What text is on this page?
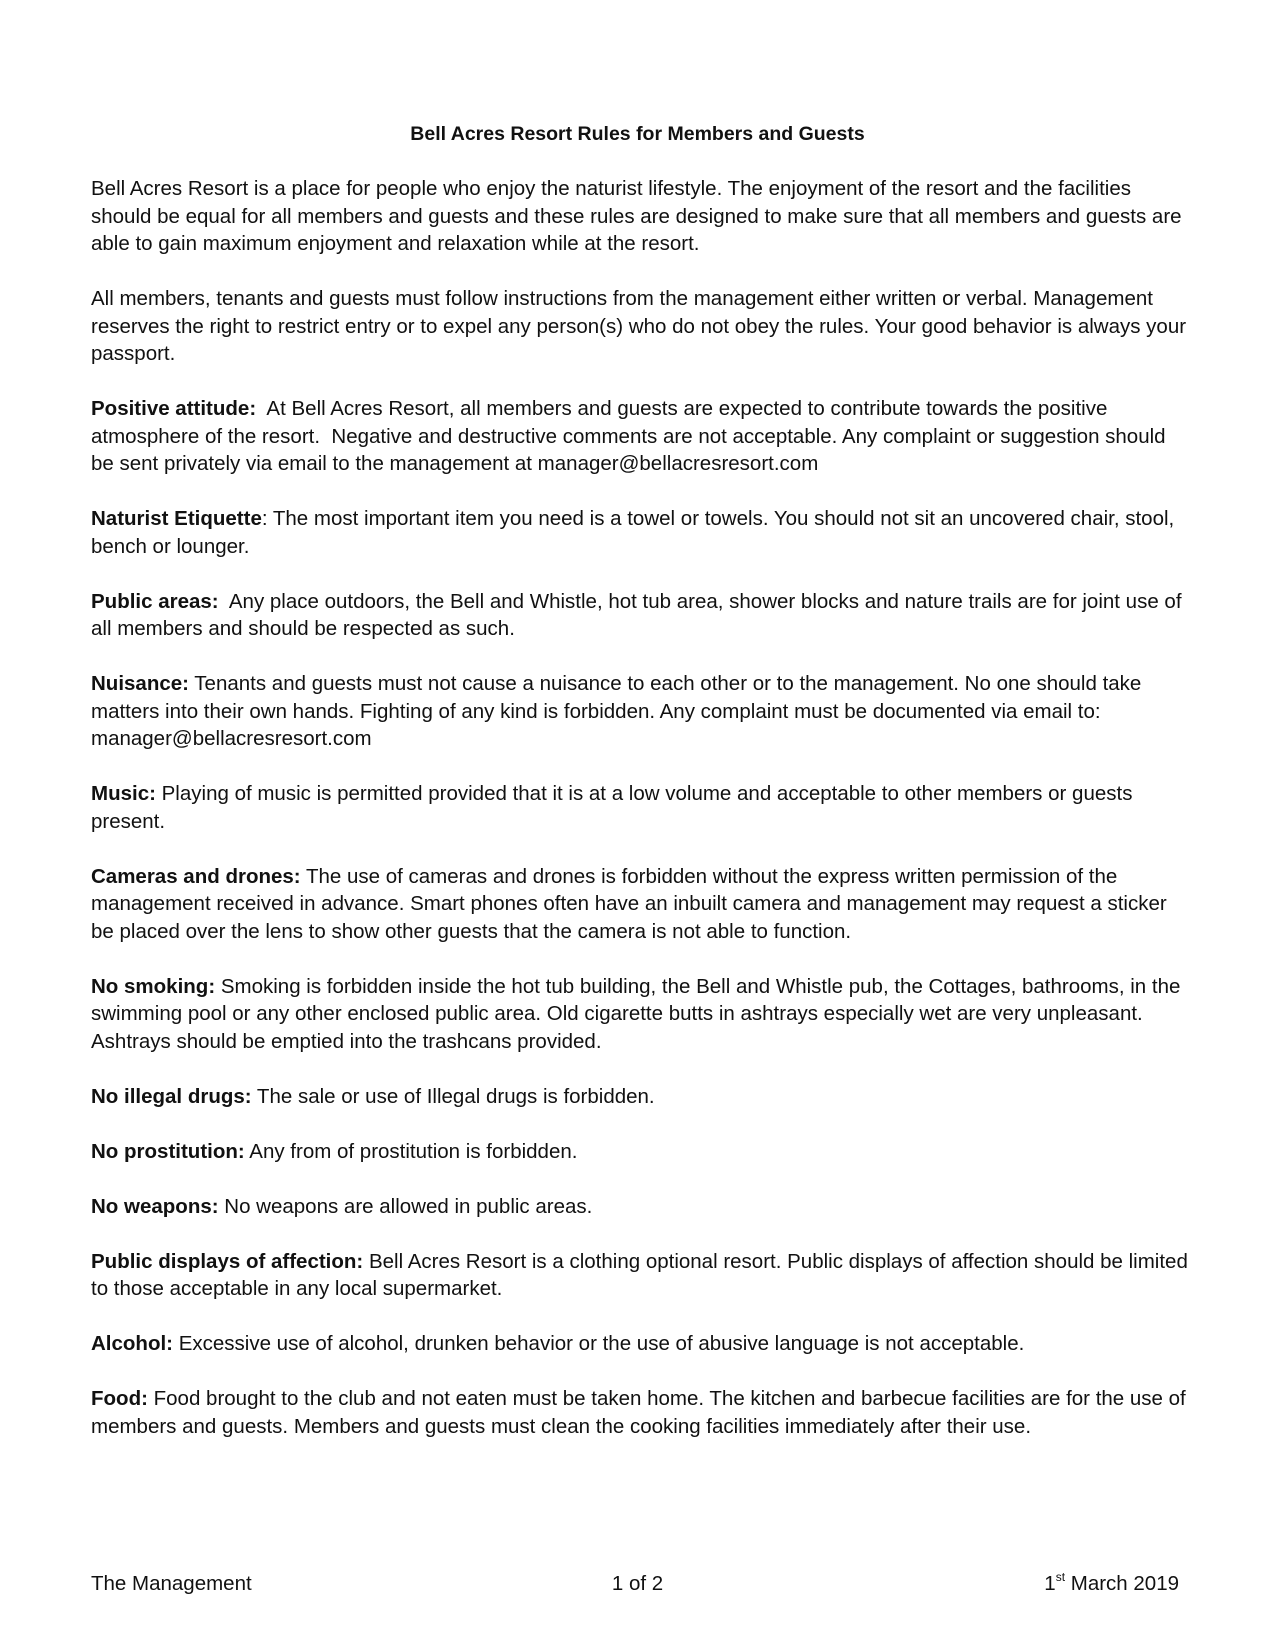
Bell Acres Resort Rules for Members and Guests

Bell Acres Resort is a place for people who enjoy the naturist lifestyle. The enjoyment of the resort and the facilities should be equal for all members and guests and these rules are designed to make sure that all members and guests are able to gain maximum enjoyment and relaxation while at the resort.

All members, tenants and guests must follow instructions from the management either written or verbal. Management reserves the right to restrict entry or to expel any person(s) who do not obey the rules. Your good behavior is always your passport.

Positive attitude:  At Bell Acres Resort, all members and guests are expected to contribute towards the positive atmosphere of the resort.  Negative and destructive comments are not acceptable. Any complaint or suggestion should be sent privately via email to the management at manager@bellacresresort.com

Naturist Etiquette: The most important item you need is a towel or towels. You should not sit an uncovered chair, stool, bench or lounger.

Public areas:  Any place outdoors, the Bell and Whistle, hot tub area, shower blocks and nature trails are for joint use of all members and should be respected as such.

Nuisance: Tenants and guests must not cause a nuisance to each other or to the management. No one should take matters into their own hands. Fighting of any kind is forbidden. Any complaint must be documented via email to: manager@bellacresresort.com

Music: Playing of music is permitted provided that it is at a low volume and acceptable to other members or guests present.

Cameras and drones: The use of cameras and drones is forbidden without the express written permission of the management received in advance. Smart phones often have an inbuilt camera and management may request a sticker be placed over the lens to show other guests that the camera is not able to function.

No smoking: Smoking is forbidden inside the hot tub building, the Bell and Whistle pub, the Cottages, bathrooms, in the swimming pool or any other enclosed public area. Old cigarette butts in ashtrays especially wet are very unpleasant. Ashtrays should be emptied into the trashcans provided.

No illegal drugs: The sale or use of Illegal drugs is forbidden.

No prostitution: Any from of prostitution is forbidden.

No weapons: No weapons are allowed in public areas.

Public displays of affection: Bell Acres Resort is a clothing optional resort. Public displays of affection should be limited to those acceptable in any local supermarket.

Alcohol: Excessive use of alcohol, drunken behavior or the use of abusive language is not acceptable.

Food: Food brought to the club and not eaten must be taken home. The kitchen and barbecue facilities are for the use of members and guests. Members and guests must clean the cooking facilities immediately after their use.

The Management	1 of 2	1st March 2019
